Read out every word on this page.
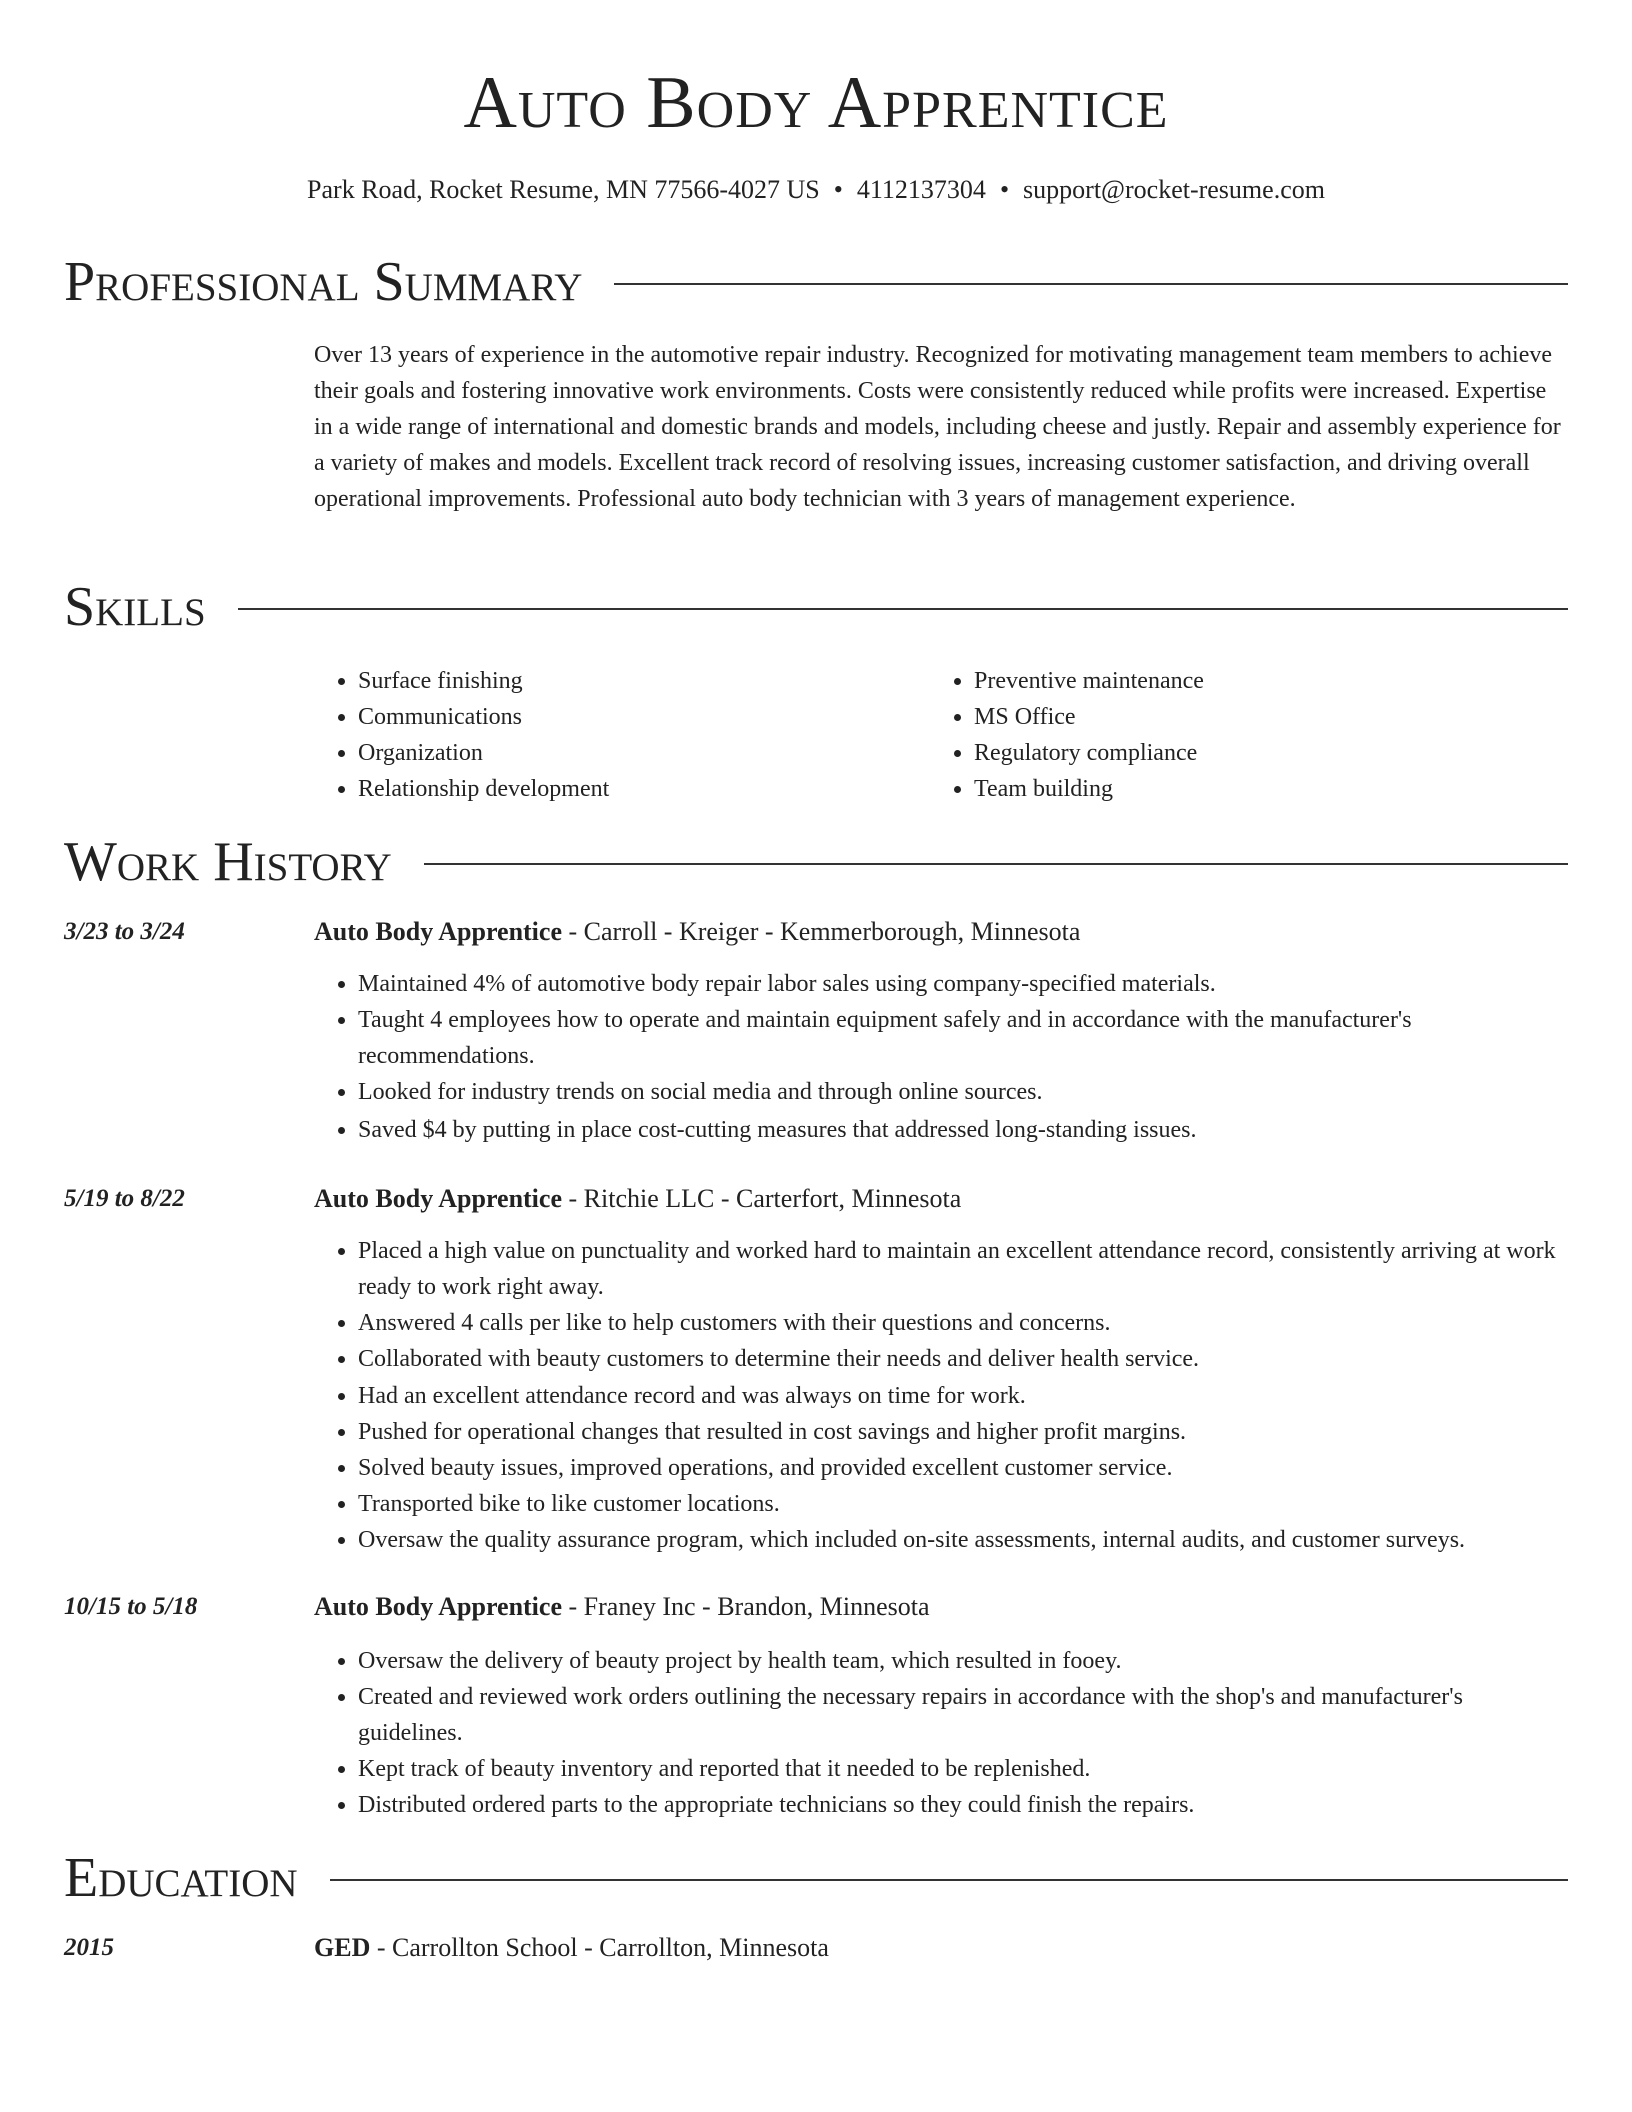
Auto Body Apprentice
Park Road, Rocket Resume, MN 77566-4027 US • 4112137304 • support@rocket-resume.com
Professional Summary
Over 13 years of experience in the automotive repair industry. Recognized for motivating management team members to achieve their goals and fostering innovative work environments. Costs were consistently reduced while profits were increased. Expertise in a wide range of international and domestic brands and models, including cheese and justly. Repair and assembly experience for a variety of makes and models. Excellent track record of resolving issues, increasing customer satisfaction, and driving overall operational improvements. Professional auto body technician with 3 years of management experience.
Skills
• Surface finishing
• Communications
• Organization
• Relationship development
• Preventive maintenance
• MS Office
• Regulatory compliance
• Team building
Work History
3/23 to 3/24	Auto Body Apprentice - Carroll - Kreiger - Kemmerborough, Minnesota
• Maintained 4% of automotive body repair labor sales using company-specified materials.
• Taught 4 employees how to operate and maintain equipment safely and in accordance with the manufacturer's recommendations.
• Looked for industry trends on social media and through online sources.
• Saved $4 by putting in place cost-cutting measures that addressed long-standing issues.
5/19 to 8/22	Auto Body Apprentice - Ritchie LLC - Carterfort, Minnesota
• Placed a high value on punctuality and worked hard to maintain an excellent attendance record, consistently arriving at work ready to work right away.
• Answered 4 calls per like to help customers with their questions and concerns.
• Collaborated with beauty customers to determine their needs and deliver health service.
• Had an excellent attendance record and was always on time for work.
• Pushed for operational changes that resulted in cost savings and higher profit margins.
• Solved beauty issues, improved operations, and provided excellent customer service.
• Transported bike to like customer locations.
• Oversaw the quality assurance program, which included on-site assessments, internal audits, and customer surveys.
10/15 to 5/18	Auto Body Apprentice - Franey Inc - Brandon, Minnesota
• Oversaw the delivery of beauty project by health team, which resulted in fooey.
• Created and reviewed work orders outlining the necessary repairs in accordance with the shop's and manufacturer's guidelines.
• Kept track of beauty inventory and reported that it needed to be replenished.
• Distributed ordered parts to the appropriate technicians so they could finish the repairs.
Education
2015	GED - Carrollton School - Carrollton, Minnesota
